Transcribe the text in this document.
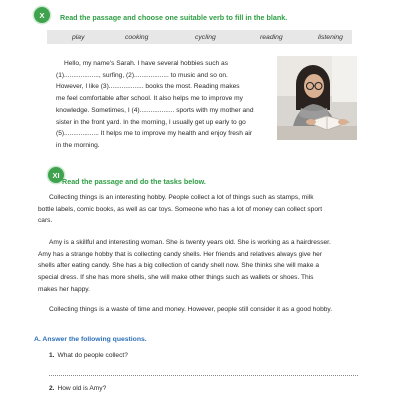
X Read the passage and choose one suitable verb to fill in the blank.
play	cooking	cycling	reading	listening
Hello, my name's Sarah. I have several hobbies such as
(1)..................., surfing, (2)................... to music and so on.
However, I like (3)................... books the most. Reading makes
me feel comfortable after school. It also helps me to improve my
knowledge. Sometimes, I (4)................... sports with my mother and
sister in the front yard. In the morning, I usually get up early to go
(5)................... It helps me to improve my health and enjoy fresh air
in the morning.
XI
Read the passage and do the tasks below.
Collecting things is an interesting hobby. People collect a lot of things such as stamps, milk
bottle labels, comic books, as well as car toys. Someone who has a lot of money can collect sport
cars.
Amy is a skillful and interesting woman. She is twenty years old. She is working as a hairdresser.
Amy has a strange hobby that is collecting candy shells. Her friends and relatives always give her
shells after eating candy. She has a big collection of candy shell now. She thinks she will make a
special dress. If she has more shells, she will make other things such as wallets or shoes. This
makes her happy.
Collecting things is a waste of time and money. However, people still consider it as a good hobby.
A. Answer the following questions.
1. What do people collect?
2. How old is Amy?
